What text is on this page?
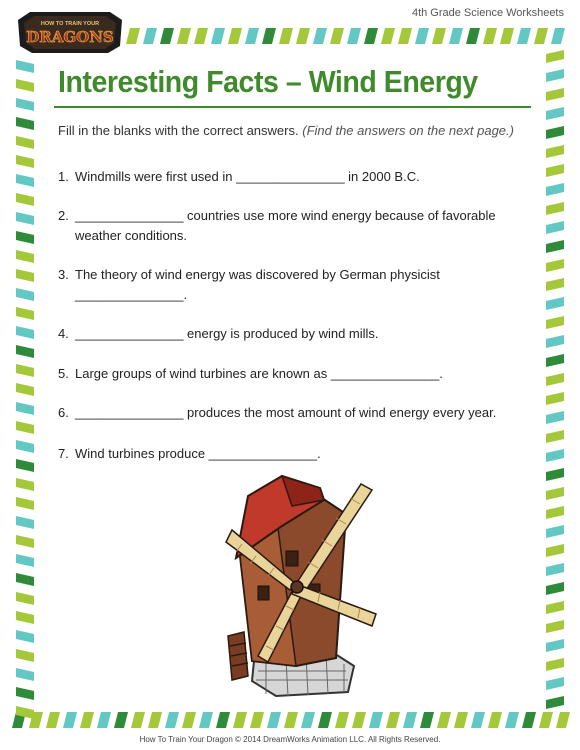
HOW TO TRAIN YOUR
DRAGONS
4th Grade Science Worksheets
Interesting Facts – Wind Energy
Fill in the blanks with the correct answers. (Find the answers on the next page.)
1. Windmills were first used in _______________ in 2000 B.C.
2. _______________ countries use more wind energy because of favorable weather conditions.
3. The theory of wind energy was discovered by German physicist _______________.
4. _______________ energy is produced by wind mills.
5. Large groups of wind turbines are known as _______________.
6. _______________ produces the most amount of wind energy every year.
7. Wind turbines produce _______________.
How To Train Your Dragon © 2014 DreamWorks Animation LLC. All Rights Reserved.
